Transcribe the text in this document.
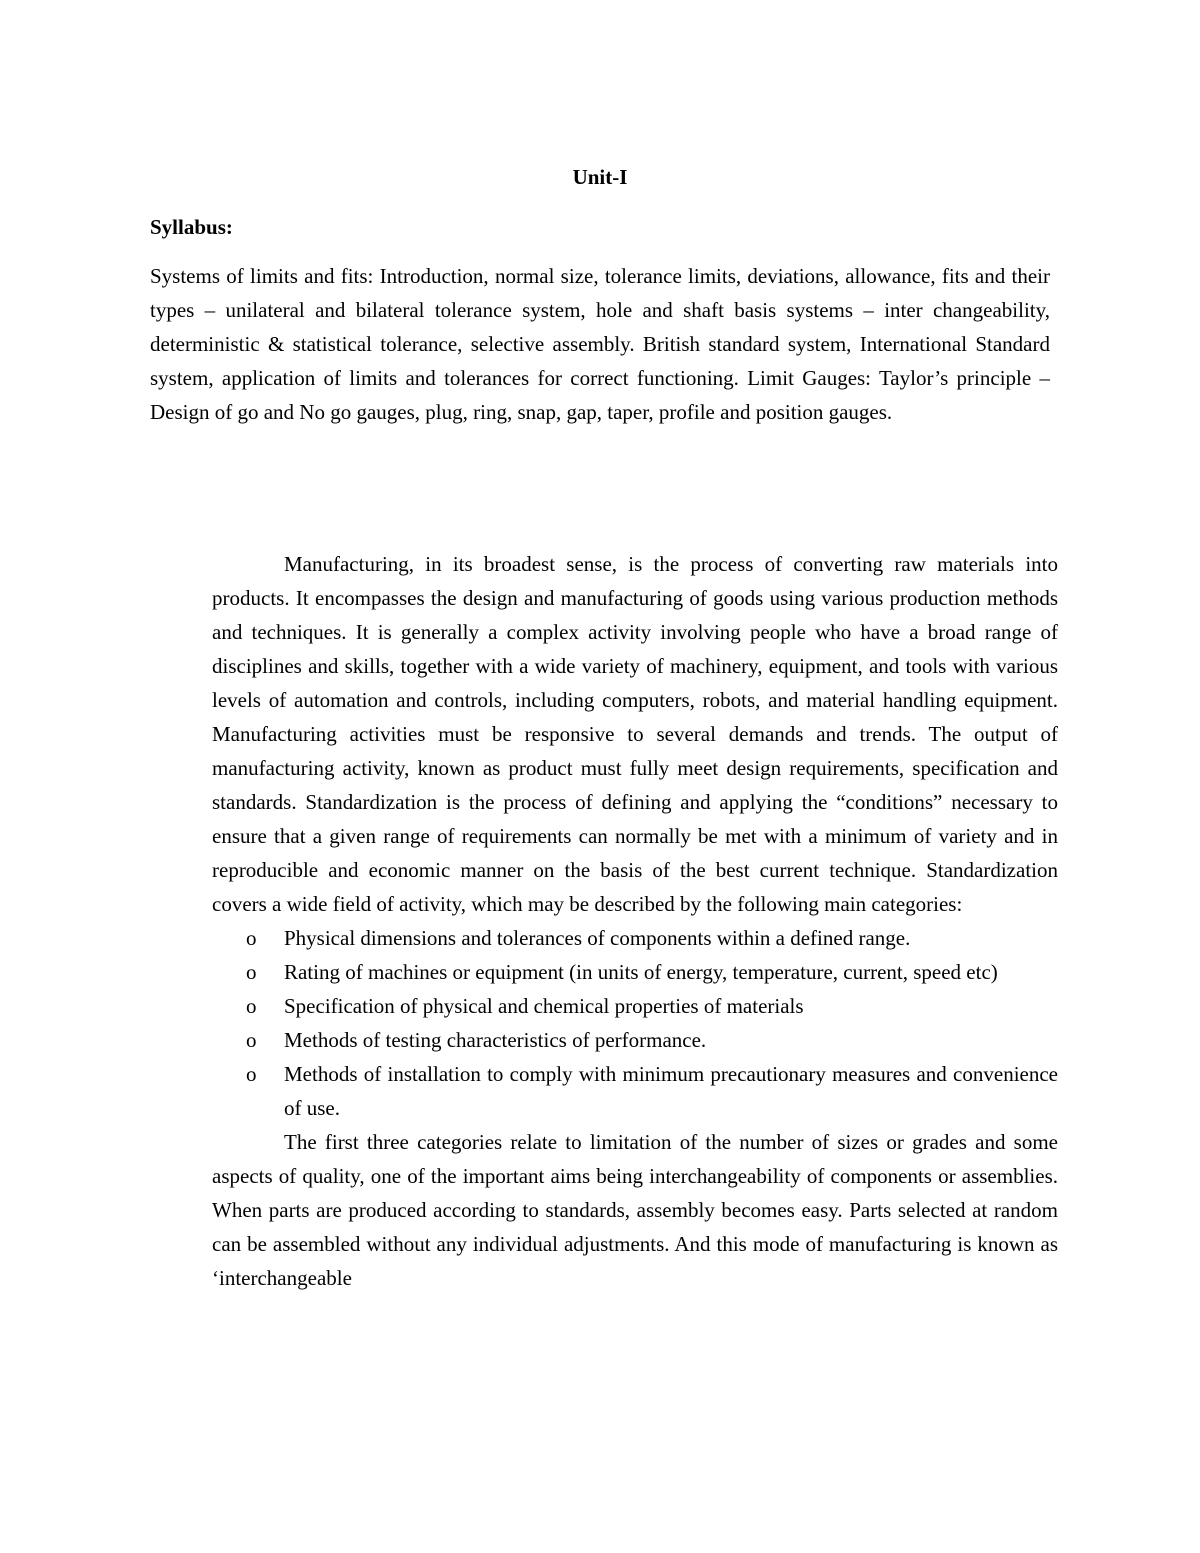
Unit-I
Syllabus:
Systems of limits and fits: Introduction, normal size, tolerance limits, deviations, allowance, fits and their types – unilateral and bilateral tolerance system, hole and shaft basis systems – inter changeability, deterministic & statistical tolerance, selective assembly. British standard system, International Standard system, application of limits and tolerances for correct functioning. Limit Gauges: Taylor’s principle – Design of go and No go gauges, plug, ring, snap, gap, taper, profile and position gauges.

Manufacturing, in its broadest sense, is the process of converting raw materials into products. It encompasses the design and manufacturing of goods using various production methods and techniques. It is generally a complex activity involving people who have a broad range of disciplines and skills, together with a wide variety of machinery, equipment, and tools with various levels of automation and controls, including computers, robots, and material handling equipment. Manufacturing activities must be responsive to several demands and trends. The output of manufacturing activity, known as product must fully meet design requirements, specification and standards. Standardization is the process of defining and applying the “conditions” necessary to ensure that a given range of requirements can normally be met with a minimum of variety and in reproducible and economic manner on the basis of the best current technique. Standardization covers a wide field of activity, which may be described by the following main categories:

o Physical dimensions and tolerances of components within a defined range.
o Rating of machines or equipment (in units of energy, temperature, current, speed etc)
o Specification of physical and chemical properties of materials
o Methods of testing characteristics of performance.
o Methods of installation to comply with minimum precautionary measures and convenience of use.

The first three categories relate to limitation of the number of sizes or grades and some aspects of quality, one of the important aims being interchangeability of components or assemblies. When parts are produced according to standards, assembly becomes easy. Parts selected at random can be assembled without any individual adjustments. And this mode of manufacturing is known as ‘interchangeable
